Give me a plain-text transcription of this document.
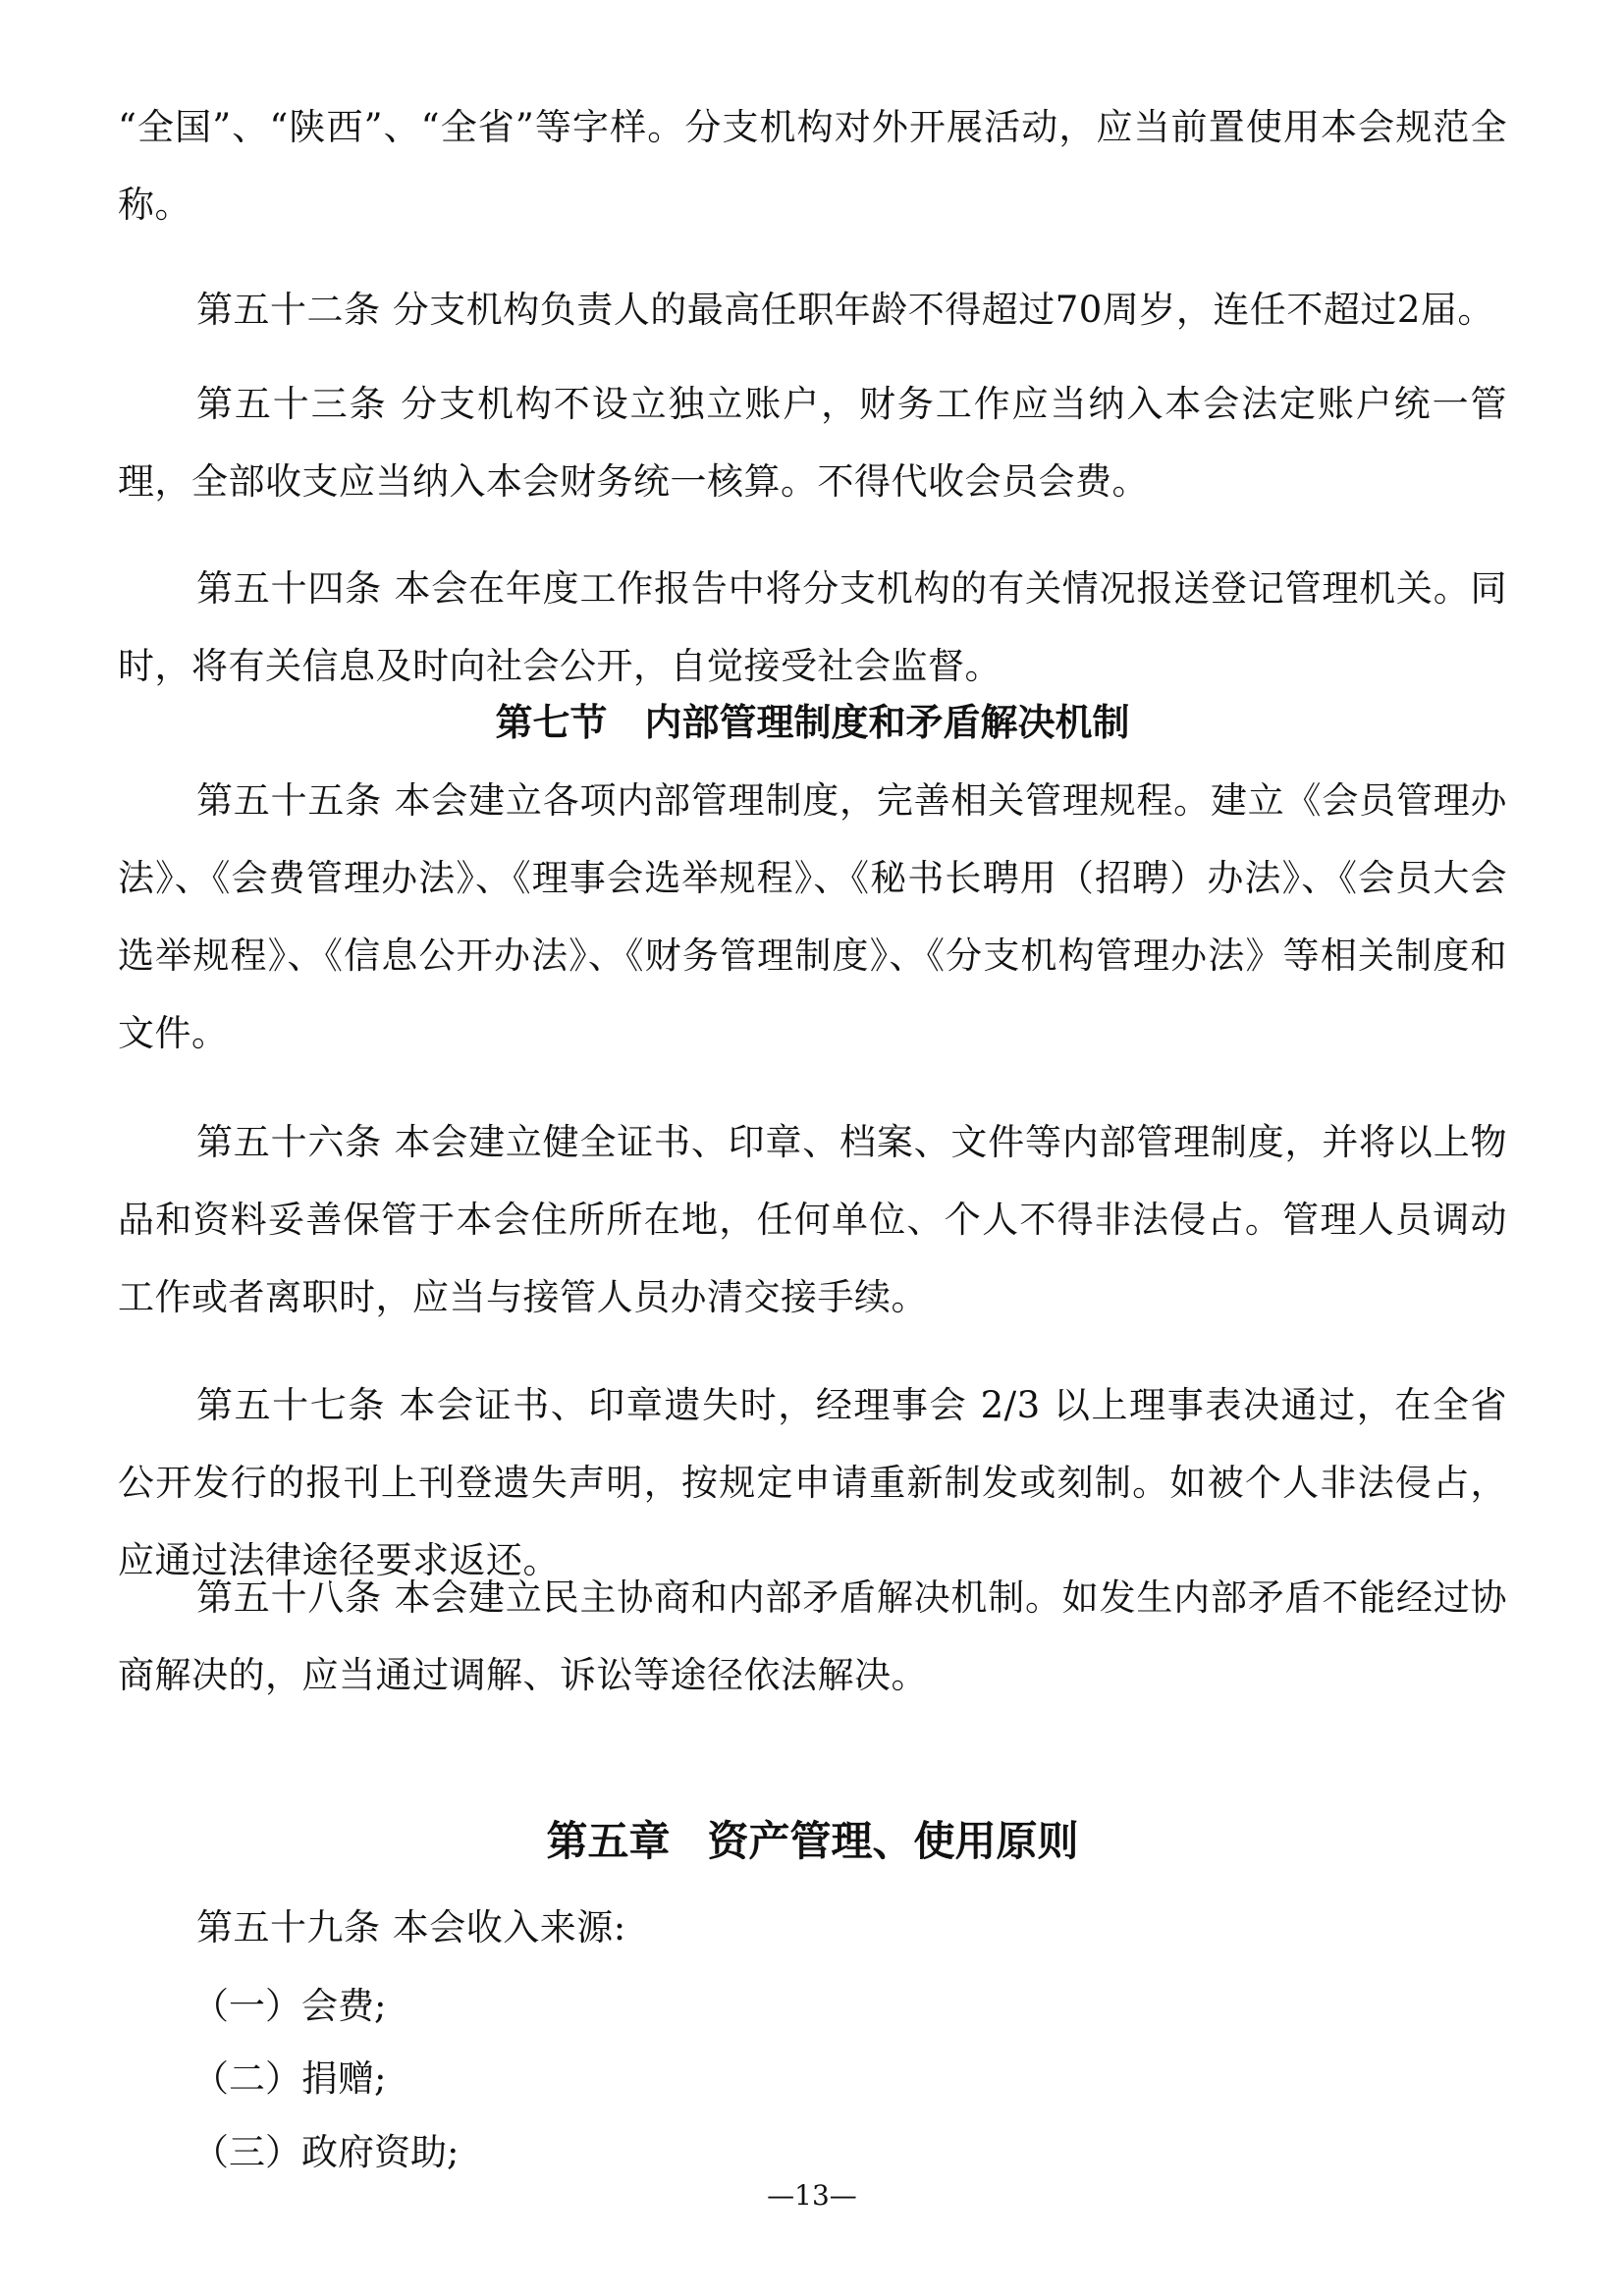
“全国”、“陕西”、“全省”等字样。分支机构对外开展活动，应当前置使用本会规范全称。

第五十二条 分支机构负责人的最高任职年龄不得超过70周岁，连任不超过2届。

第五十三条 分支机构不设立独立账户，财务工作应当纳入本会法定账户统一管理，全部收支应当纳入本会财务统一核算。不得代收会员会费。

第五十四条 本会在年度工作报告中将分支机构的有关情况报送登记管理机关。同时，将有关信息及时向社会公开，自觉接受社会监督。

第七节 内部管理制度和矛盾解决机制

第五十五条 本会建立各项内部管理制度，完善相关管理规程。建立《会员管理办法》、《会费管理办法》、《理事会选举规程》、《秘书长聘用（招聘）办法》、《会员大会选举规程》、《信息公开办法》、《财务管理制度》、《分支机构管理办法》等相关制度和文件。

第五十六条 本会建立健全证书、印章、档案、文件等内部管理制度，并将以上物品和资料妥善保管于本会住所所在地，任何单位、个人不得非法侵占。管理人员调动工作或者离职时，应当与接管人员办清交接手续。

第五十七条 本会证书、印章遗失时，经理事会 2/3 以上理事表决通过，在全省公开发行的报刊上刊登遗失声明，按规定申请重新制发或刻制。如被个人非法侵占，应通过法律途径要求返还。

第五十八条 本会建立民主协商和内部矛盾解决机制。如发生内部矛盾不能经过协商解决的，应当通过调解、诉讼等途径依法解决。

第五章 资产管理、使用原则

第五十九条 本会收入来源:

（一）会费;

（二）捐赠;

（三）政府资助;

—13—
